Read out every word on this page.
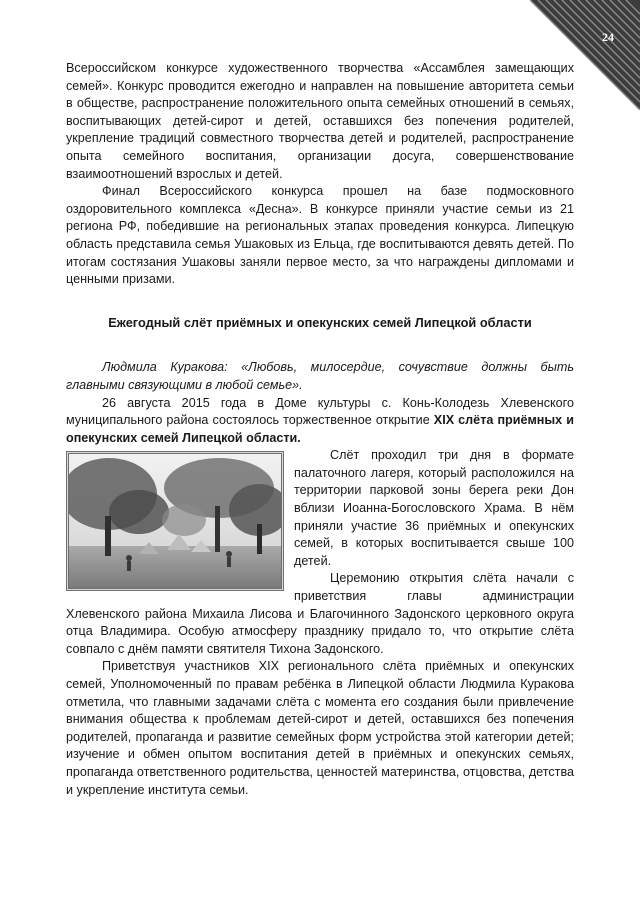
24

Всероссийском конкурсе художественного творчества «Ассамблея замещающих семей». Конкурс проводится ежегодно и направлен на повышение авторитета семьи в обществе, распространение положительного опыта семейных отношений в семьях, воспитывающих детей-сирот и детей, оставшихся без попечения родителей, укрепление традиций совместного творчества детей и родителей, распространение опыта семейного воспитания, организации досуга, совершенствование взаимоотношений взрослых и детей.

Финал Всероссийского конкурса прошел на базе подмосковного оздоровительного комплекса «Десна». В конкурсе приняли участие семьи из 21 региона РФ, победившие на региональных этапах проведения конкурса. Липецкую область представила семья Ушаковых из Ельца, где воспитываются девять детей. По итогам состязания Ушаковы заняли первое место, за что награждены дипломами и ценными призами.

Ежегодный слёт приёмных и опекунских семей Липецкой области

Людмила Куракова: «Любовь, милосердие, сочувствие должны быть главными связующими в любой семье».

26 августа 2015 года в Доме культуры с. Конь-Колодезь Хлевенского муниципального района состоялось торжественное открытие XIX слёта приёмных и опекунских семей Липецкой области.

Слёт проходил три дня в формате палаточного лагеря, который расположился на территории парковой зоны берега реки Дон вблизи Иоанна-Богословского Храма. В нём приняли участие 36 приёмных и опекунских семей, в которых воспитывается свыше 100 детей.

Церемонию открытия слёта начали с приветствия главы администрации Хлевенского района Михаила Лисова и Благочинного Задонского церковного округа отца Владимира. Особую атмосферу празднику придало то, что открытие слёта совпало с днём памяти святителя Тихона Задонского.

Приветствуя участников XIX регионального слёта приёмных и опекунских семей, Уполномоченный по правам ребёнка в Липецкой области Людмила Куракова отметила, что главными задачами слёта с момента его создания были привлечение внимания общества к проблемам детей-сирот и детей, оставшихся без попечения родителей, пропаганда и развитие семейных форм устройства этой категории детей; изучение и обмен опытом воспитания детей в приёмных и опекунских семьях, пропаганда ответственного родительства, ценностей материнства, отцовства, детства и укрепление института семьи.
